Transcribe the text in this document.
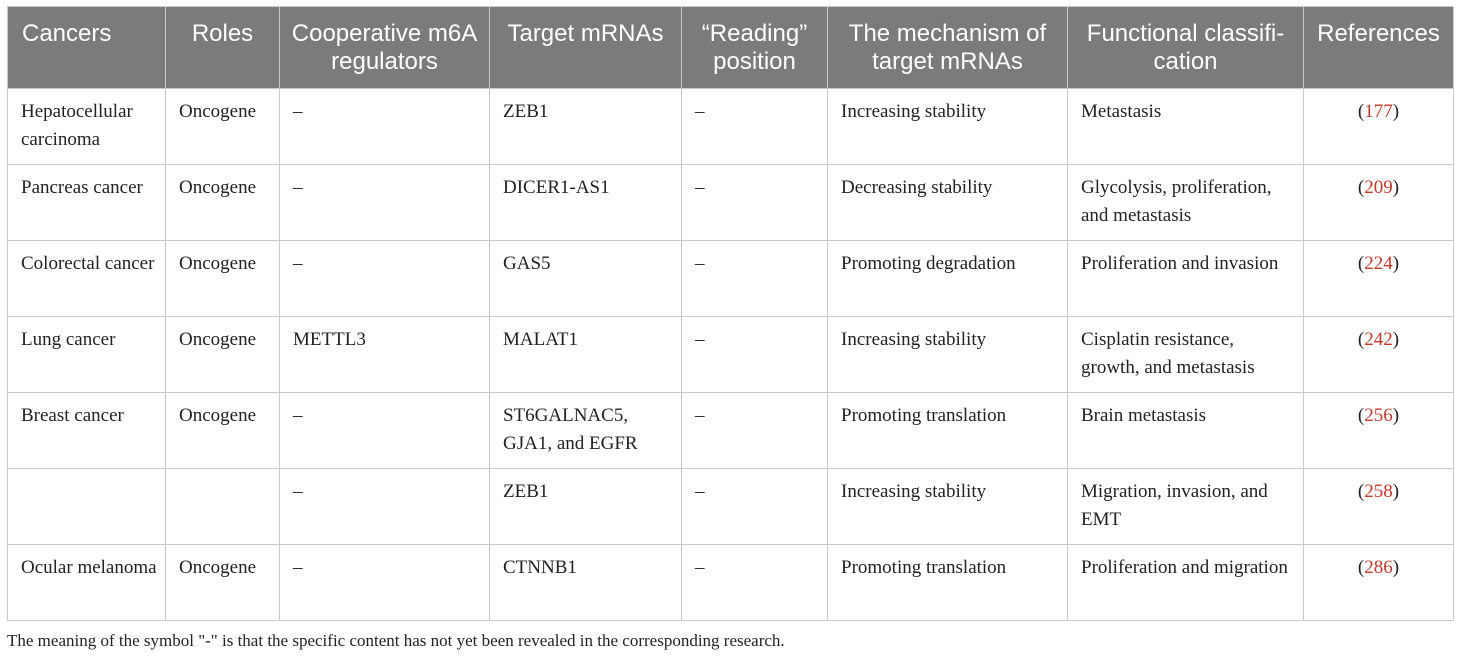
Cancers	Roles	Cooperative m6A regulators	Target mRNAs	“Reading” position	The mechanism of target mRNAs	Functional classifi-cation	References
Hepatocellular carcinoma	Oncogene	–	ZEB1	–	Increasing stability	Metastasis	(177)
Pancreas cancer	Oncogene	–	DICER1-AS1	–	Decreasing stability	Glycolysis, proliferation, and metastasis	(209)
Colorectal cancer	Oncogene	–	GAS5	–	Promoting degradation	Proliferation and invasion	(224)
Lung cancer	Oncogene	METTL3	MALAT1	–	Increasing stability	Cisplatin resistance, growth, and metastasis	(242)
Breast cancer	Oncogene	–	ST6GALNAC5, GJA1, and EGFR	–	Promoting translation	Brain metastasis	(256)
		–	ZEB1	–	Increasing stability	Migration, invasion, and EMT	(258)
Ocular melanoma	Oncogene	–	CTNNB1	–	Promoting translation	Proliferation and migration	(286)
The meaning of the symbol "-" is that the specific content has not yet been revealed in the corresponding research.
